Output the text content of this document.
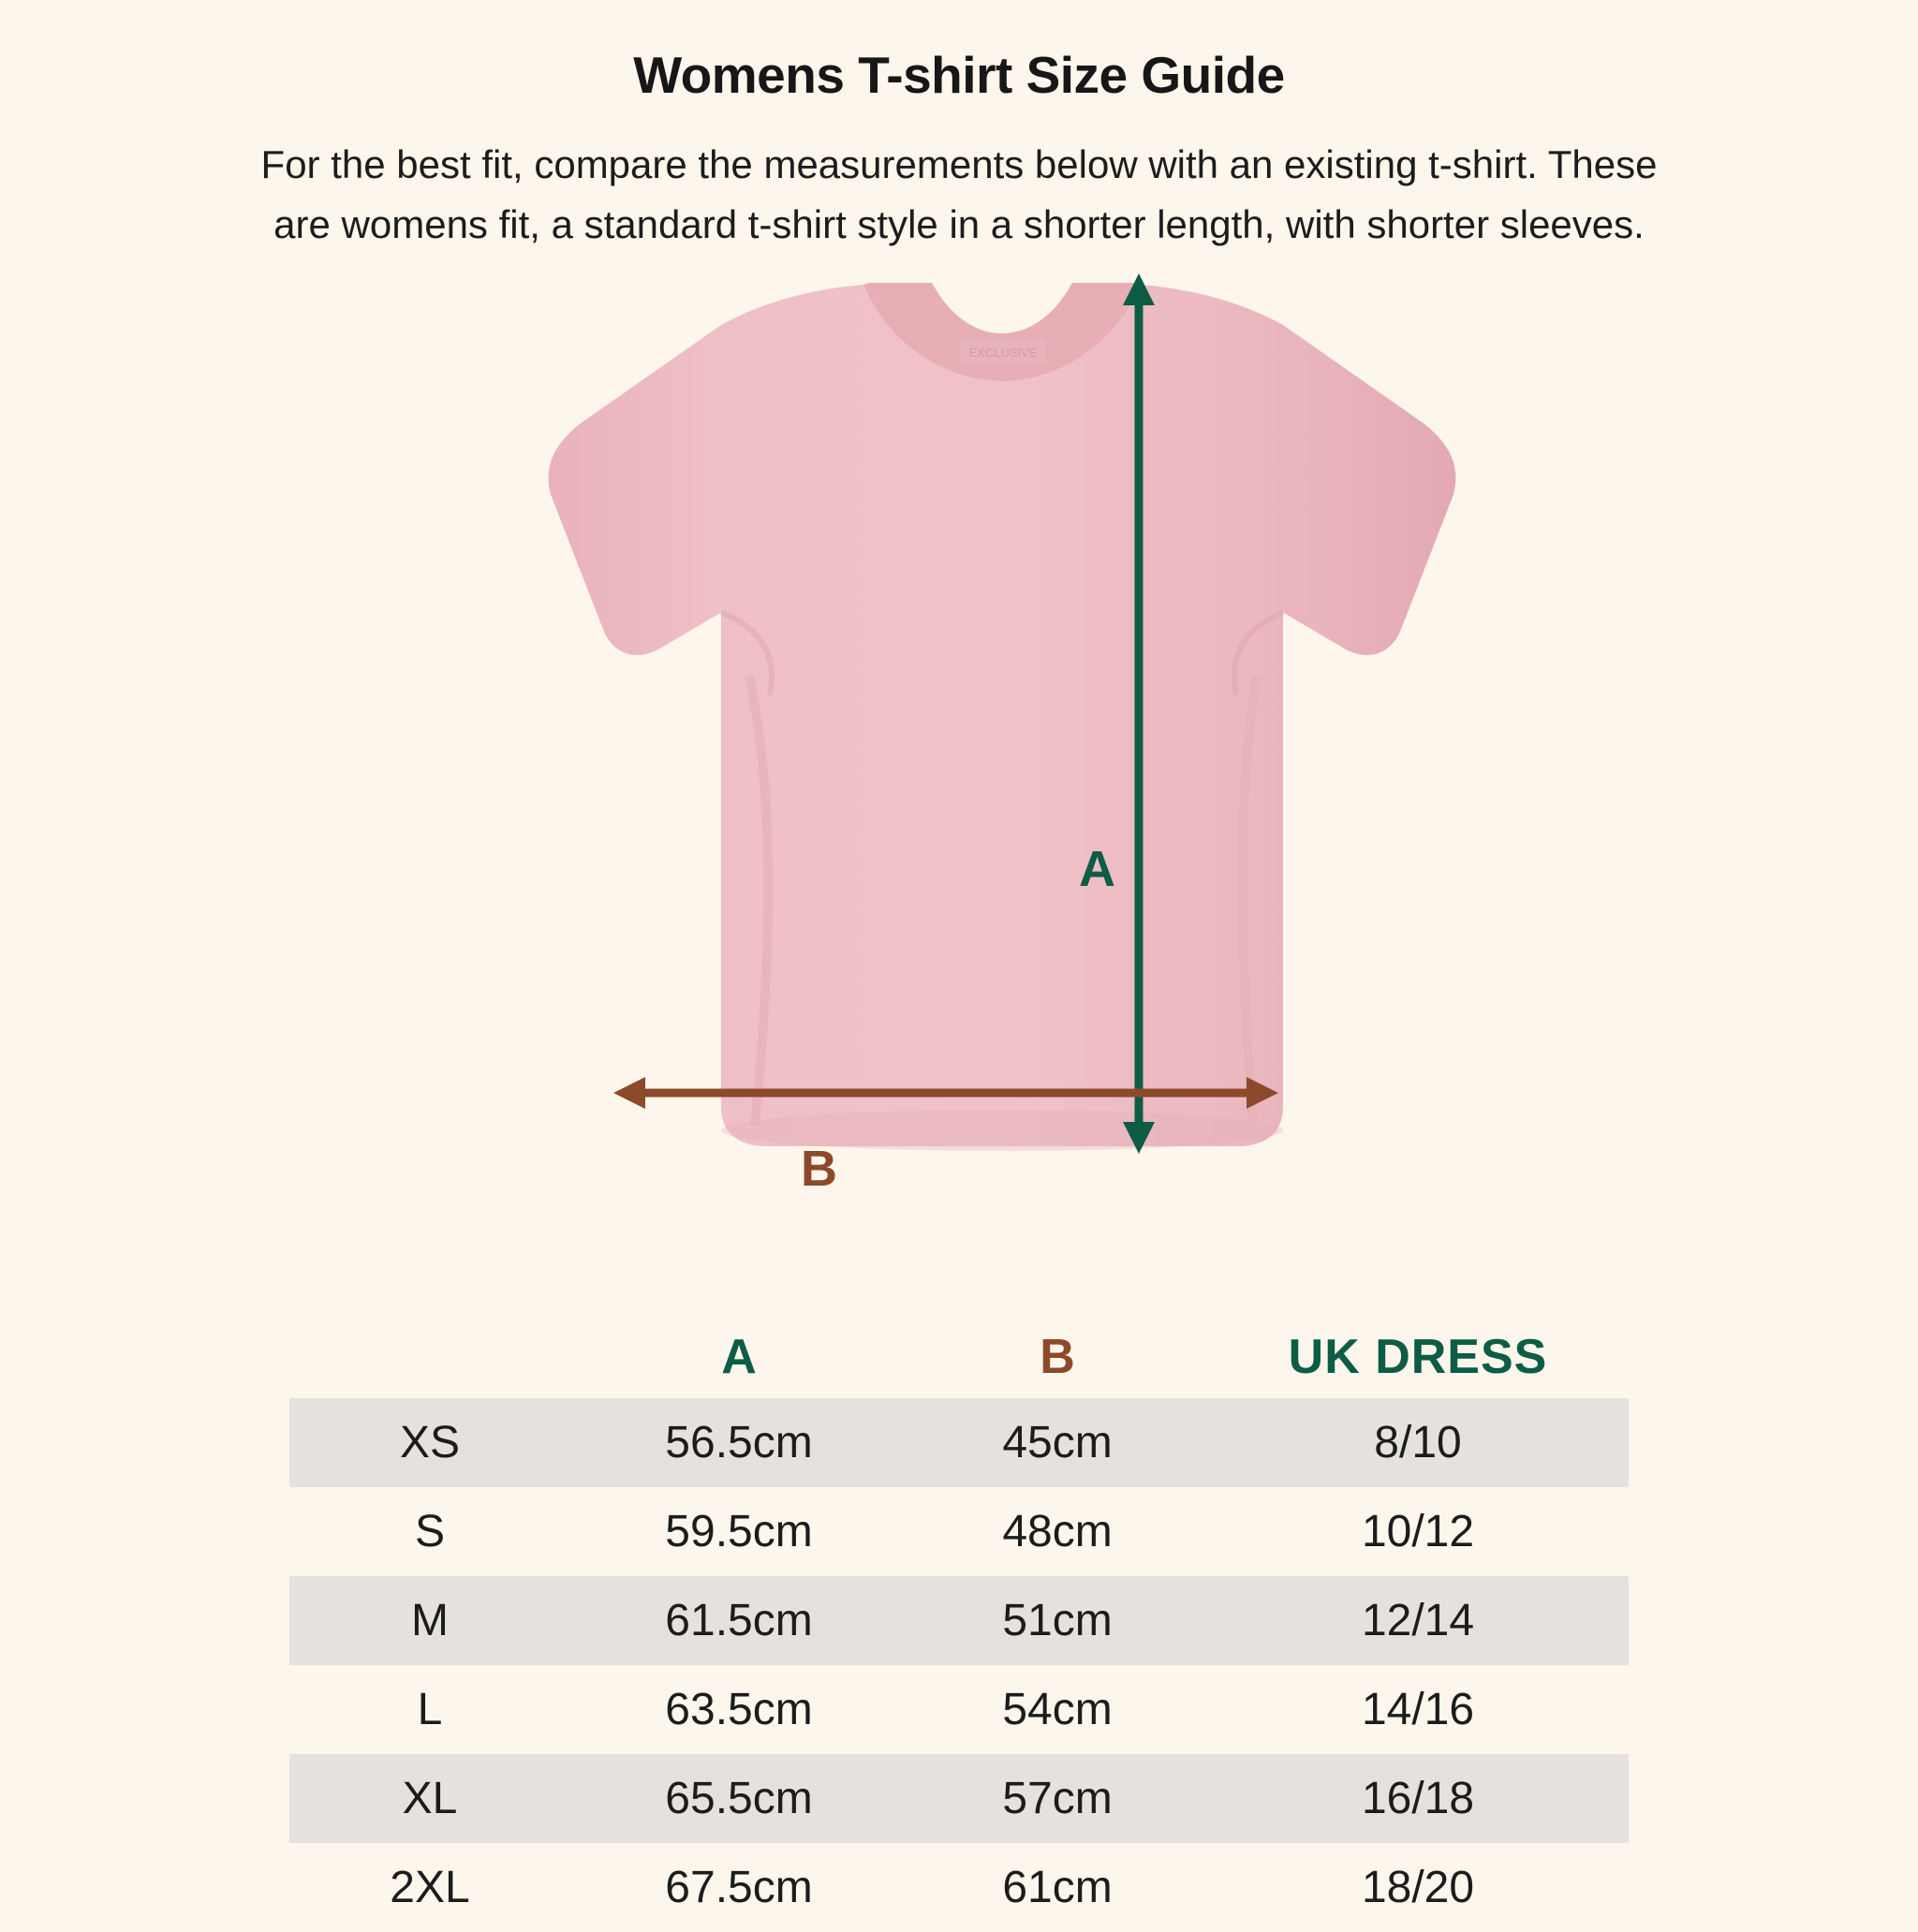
Womens T-shirt Size Guide

For the best fit, compare the measurements below with an existing t-shirt. These are womens fit, a standard t-shirt style in a shorter length, with shorter sleeves.

EXCLUSIVE
A
B
	A	B	UK DRESS
XS	56.5cm	45cm	8/10
S	59.5cm	48cm	10/12
M	61.5cm	51cm	12/14
L	63.5cm	54cm	14/16
XL	65.5cm	57cm	16/18
2XL	67.5cm	61cm	18/20
